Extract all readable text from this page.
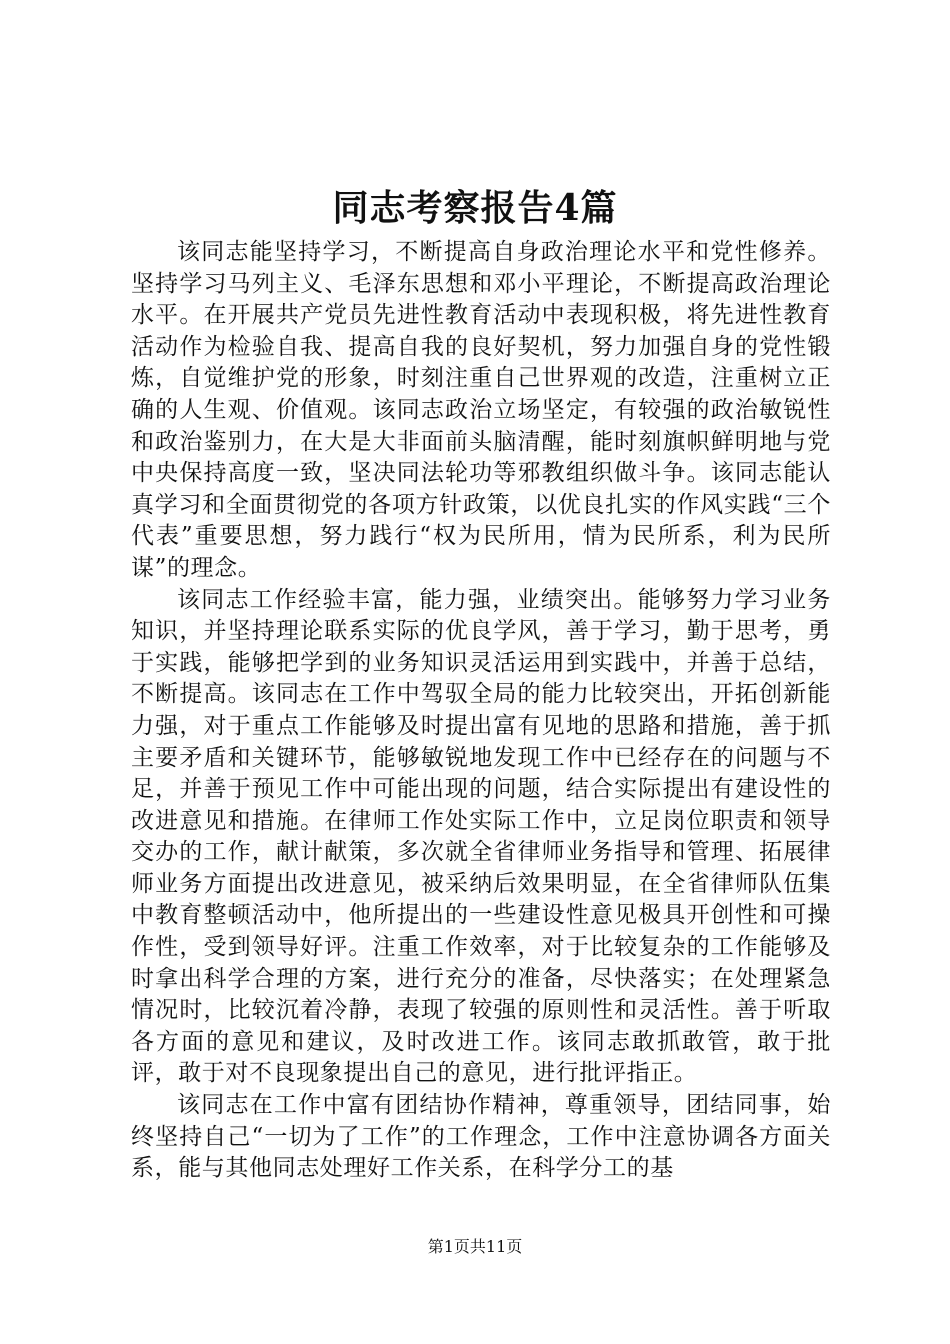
同志考察报告4篇

该同志能坚持学习，不断提高自身政治理论水平和党性修养。坚持学习马列主义、毛泽东思想和邓小平理论，不断提高政治理论水平。在开展共产党员先进性教育活动中表现积极，将先进性教育活动作为检验自我、提高自我的良好契机，努力加强自身的党性锻炼，自觉维护党的形象，时刻注重自己世界观的改造，注重树立正确的人生观、价值观。该同志政治立场坚定，有较强的政治敏锐性和政治鉴别力，在大是大非面前头脑清醒，能时刻旗帜鲜明地与党中央保持高度一致，坚决同法轮功等邪教组织做斗争。该同志能认真学习和全面贯彻党的各项方针政策，以优良扎实的作风实践“三个代表”重要思想，努力践行“权为民所用，情为民所系，利为民所谋”的理念。

该同志工作经验丰富，能力强，业绩突出。能够努力学习业务知识，并坚持理论联系实际的优良学风，善于学习，勤于思考，勇于实践，能够把学到的业务知识灵活运用到实践中，并善于总结，不断提高。该同志在工作中驾驭全局的能力比较突出，开拓创新能力强，对于重点工作能够及时提出富有见地的思路和措施，善于抓主要矛盾和关键环节，能够敏锐地发现工作中已经存在的问题与不足，并善于预见工作中可能出现的问题，结合实际提出有建设性的改进意见和措施。在律师工作处实际工作中，立足岗位职责和领导交办的工作，献计献策，多次就全省律师业务指导和管理、拓展律师业务方面提出改进意见，被采纳后效果明显，在全省律师队伍集中教育整顿活动中，他所提出的一些建设性意见极具开创性和可操作性，受到领导好评。注重工作效率，对于比较复杂的工作能够及时拿出科学合理的方案，进行充分的准备，尽快落实；在处理紧急情况时，比较沉着冷静，表现了较强的原则性和灵活性。善于听取各方面的意见和建议，及时改进工作。该同志敢抓敢管，敢于批评，敢于对不良现象提出自己的意见，进行批评指正。

该同志在工作中富有团结协作精神，尊重领导，团结同事，始终坚持自己“一切为了工作”的工作理念，工作中注意协调各方面关系，能与其他同志处理好工作关系，在科学分工的基

第1页共11页
